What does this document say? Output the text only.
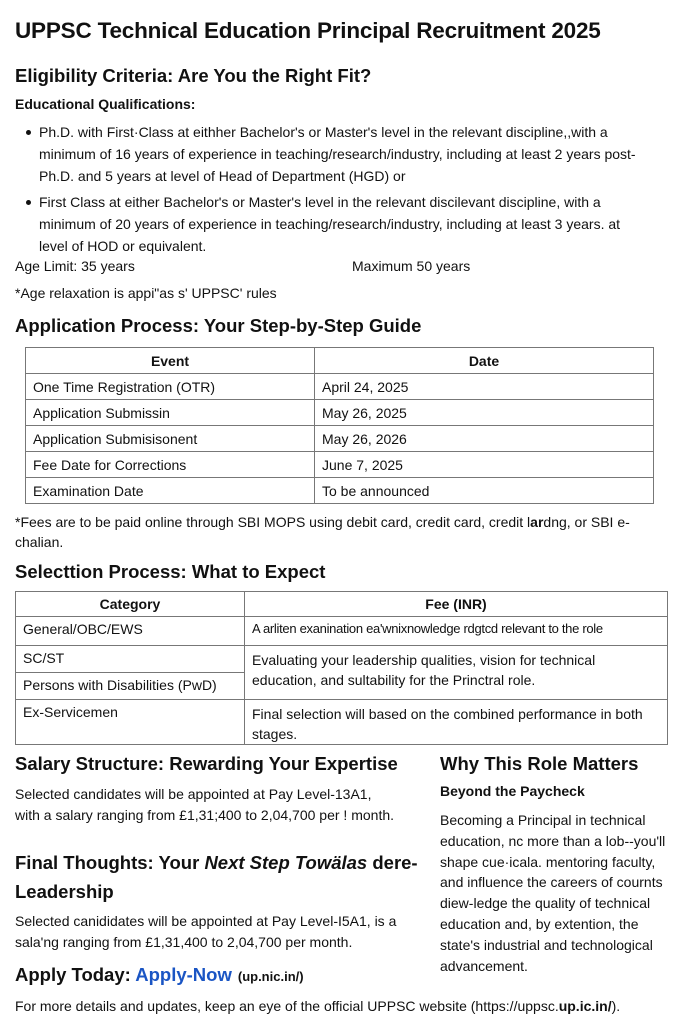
UPPSC Technical Education Principal Recruitment 2025
Eligibility Criteria: Are You the Right Fit?
Educational Qualifications:
Ph.D. with First·Class at eithher Bachelor's or Master's level in the relevant discipline,,with a minimum of 16 years of experience in teaching/research/industry, including at least 2 years post-Ph.D. and 5 years at level of Head of Department (HGD) or
First Class at either Bachelor's or Master's level in the relevant discilevant discipline, with a minimum of 20 years of experience in teaching/research/industry, including at least 3 years. at level of HOD or equivalent.
Age Limit: 35 years	Maximum 50 years
*Age relaxation is appi"as s' UPPSC' rules
Application Process: Your Step-by-Step Guide
Event	Date
One Time Registration (OTR)	April 24, 2025
Application Submissin	May 26, 2025
Application Submisisonent	May 26, 2026
Fee Date for Corrections	June 7, 2025
Examination Date	To be announced
*Fees are to be paid online through SBI MOPS using debit card, credit card, credit lardng, or SBI e-chalian.
Selecttion Process: What to Expect
Category	Fee (INR)
General/OBC/EWS	A arliten exanination ea'wnixnowledge rdgtcd relevant to the role
SC/ST	Evaluating your leadership qualities, vision for technical education, and sultability for the Princtral role.
Persons with Disabilities (PwD)	
Ex-Servicemen	Final selection will based on the combined performance in both stages.
Salary Structure: Rewarding Your Expertise
Selected candidates will be appointed at Pay Level-13A1, with a salary ranging from £1,31;400 to 2,04,700 per ! month.
Final Thoughts: Your Next Step Towälas dere-
Leadership
Selected canididates will be appointed at Pay Level-I5A1, is a sala'ng ranging from £1,31,400 to 2,04,700 per month.
Apply Today: Apply-Now (up.nic.in/)
Why This Role Matters
Beyond the Paycheck
Becoming a Principal in technical education, nc more than a lob--you'll shape cue·icala. mentoring faculty, and influence the careers of cournts diew-ledge the quality of technical education and, by extention, the state's industrial and technological advancement.
For more details and updates, keep an eye of the official UPPSC website (https://uppsc.up.ic.in/).
